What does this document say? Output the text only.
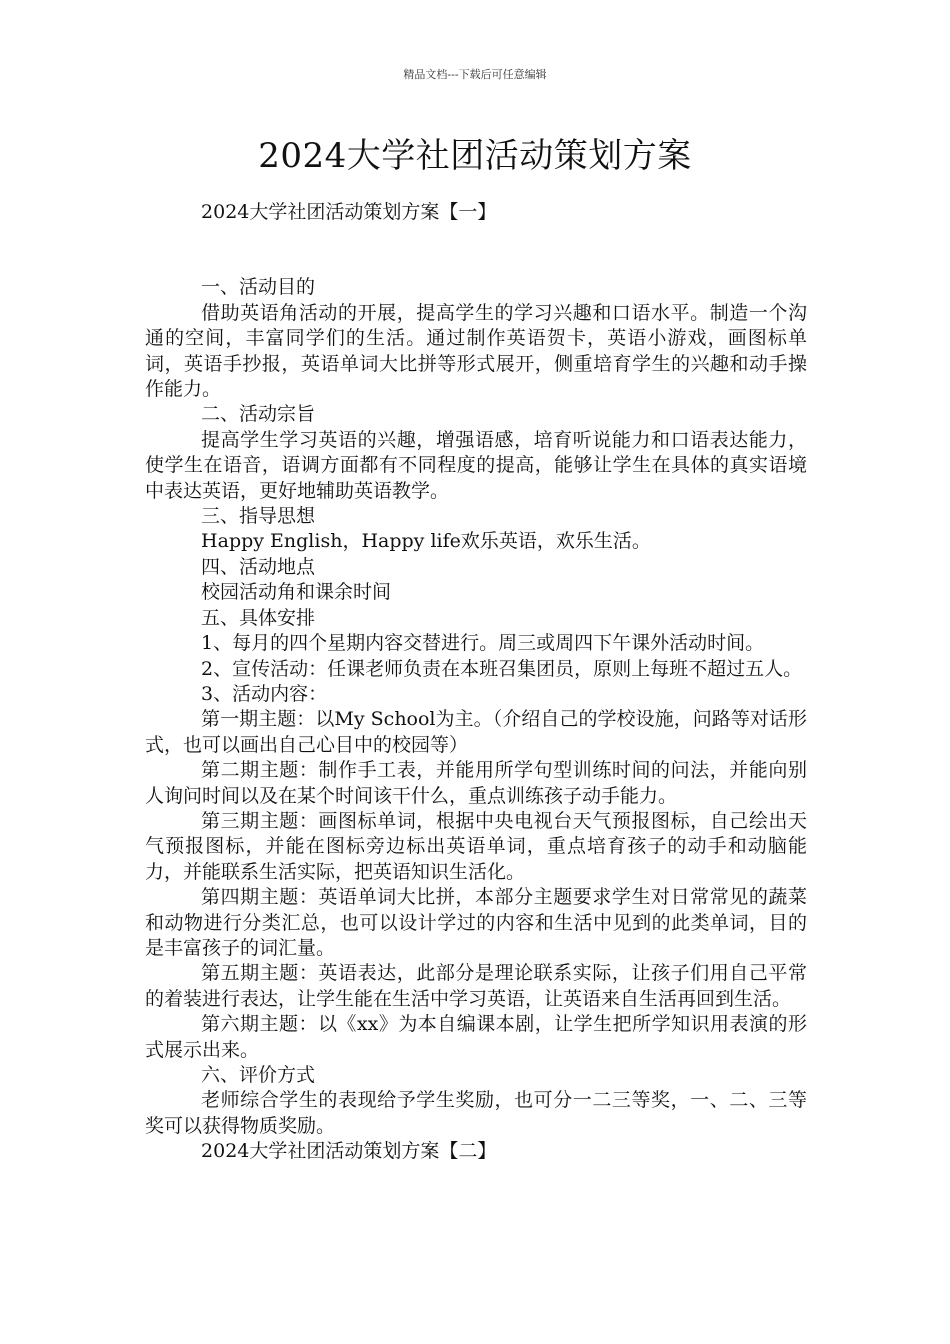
精品文档---下载后可任意编辑
2024大学社团活动策划方案

2024大学社团活动策划方案【一】

一、活动目的

借助英语角活动的开展，提高学生的学习兴趣和口语水平。制造一个沟通的空间，丰富同学们的生活。通过制作英语贺卡，英语小游戏，画图标单词，英语手抄报，英语单词大比拼等形式展开，侧重培育学生的兴趣和动手操作能力。

二、活动宗旨

提高学生学习英语的兴趣，增强语感，培育听说能力和口语表达能力，使学生在语音，语调方面都有不同程度的提高，能够让学生在具体的真实语境中表达英语，更好地辅助英语教学。

三、指导思想

Happy English，Happy life欢乐英语，欢乐生活。

四、活动地点

校园活动角和课余时间

五、具体安排

1、每月的四个星期内容交替进行。周三或周四下午课外活动时间。

2、宣传活动：任课老师负责在本班召集团员，原则上每班不超过五人。

3、活动内容：

第一期主题：以My School为主。（介绍自己的学校设施，问路等对话形式，也可以画出自己心目中的校园等）

第二期主题：制作手工表，并能用所学句型训练时间的问法，并能向别人询问时间以及在某个时间该干什么，重点训练孩子动手能力。

第三期主题：画图标单词，根据中央电视台天气预报图标，自己绘出天气预报图标，并能在图标旁边标出英语单词，重点培育孩子的动手和动脑能力，并能联系生活实际，把英语知识生活化。

第四期主题：英语单词大比拼，本部分主题要求学生对日常常见的蔬菜和动物进行分类汇总，也可以设计学过的内容和生活中见到的此类单词，目的是丰富孩子的词汇量。

第五期主题：英语表达，此部分是理论联系实际，让孩子们用自己平常的着装进行表达，让学生能在生活中学习英语，让英语来自生活再回到生活。

第六期主题：以《xx》为本自编课本剧，让学生把所学知识用表演的形式展示出来。

六、评价方式

老师综合学生的表现给予学生奖励，也可分一二三等奖，一、二、三等奖可以获得物质奖励。

2024大学社团活动策划方案【二】
